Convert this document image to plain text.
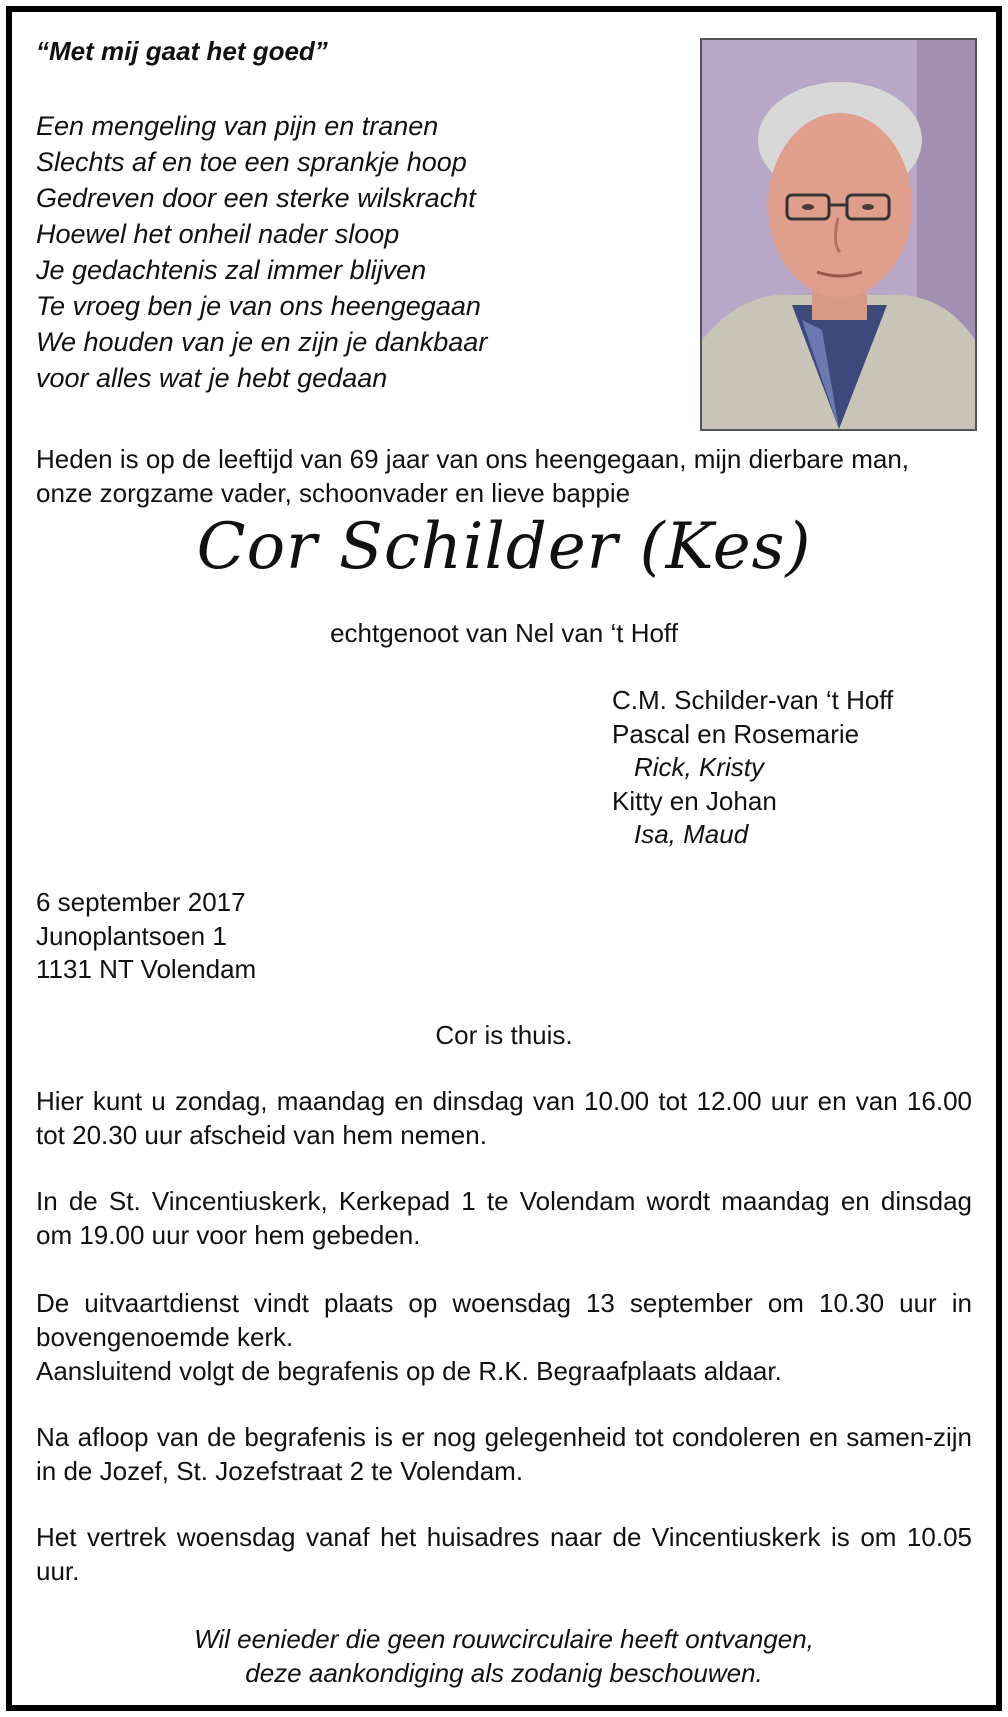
“Met mij gaat het goed”
Een mengeling van pijn en tranen
Slechts af en toe een sprankje hoop
Gedreven door een sterke wilskracht
Hoewel het onheil nader sloop
Je gedachtenis zal immer blijven
Te vroeg ben je van ons heengegaan
We houden van je en zijn je dankbaar
voor alles wat je hebt gedaan
Heden is op de leeftijd van 69 jaar van ons heengegaan, mijn dierbare man,
onze zorgzame vader, schoonvader en lieve bappie
Cor Schilder (Kes)
echtgenoot van Nel van ‘t Hoff
C.M. Schilder-van ‘t Hoff
Pascal en Rosemarie
Rick, Kristy
Kitty en Johan
Isa, Maud
6 september 2017
Junoplantsoen 1
1131 NT Volendam
Cor is thuis.
Hier kunt u zondag, maandag en dinsdag van 10.00 tot 12.00 uur en van 16.00 tot 20.30 uur afscheid van hem nemen.
In de St. Vincentiuskerk, Kerkepad 1 te Volendam wordt maandag en dinsdag om 19.00 uur voor hem gebeden.
De uitvaartdienst vindt plaats op woensdag 13 september om 10.30 uur in bovengenoemde kerk.
Aansluitend volgt de begrafenis op de R.K. Begraafplaats aldaar.
Na afloop van de begrafenis is er nog gelegenheid tot condoleren en samen-zijn in de Jozef, St. Jozefstraat 2 te Volendam.
Het vertrek woensdag vanaf het huisadres naar de Vincentiuskerk is om 10.05 uur.
Wil eenieder die geen rouwcirculaire heeft ontvangen,
deze aankondiging als zodanig beschouwen.
